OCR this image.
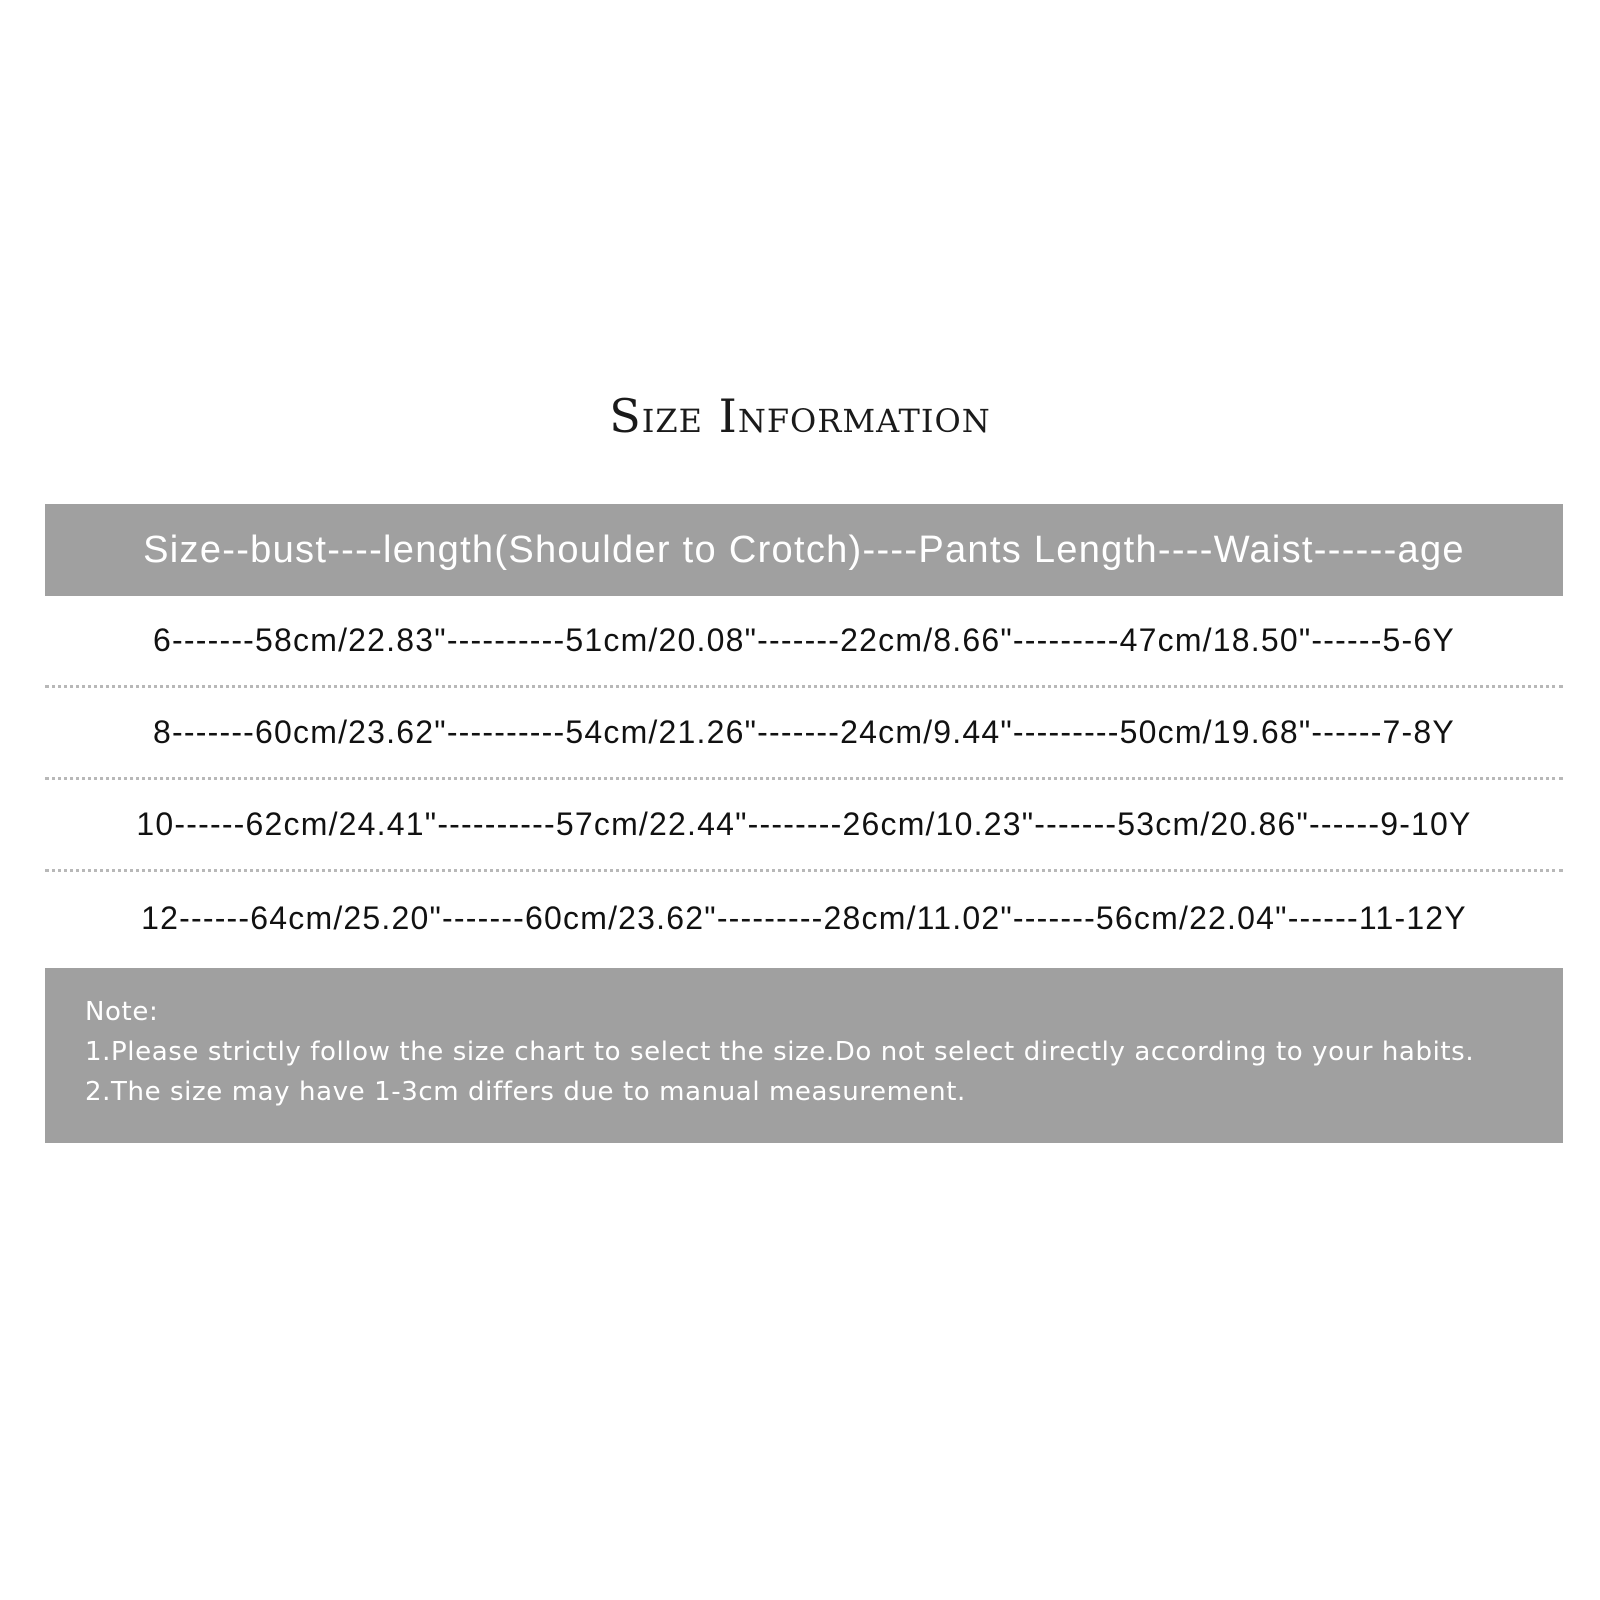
Size Information
Size--bust----length(Shoulder to Crotch)----Pants Length----Waist------age
6-------58cm/22.83"----------51cm/20.08"-------22cm/8.66"---------47cm/18.50"------5-6Y
8-------60cm/23.62"----------54cm/21.26"-------24cm/9.44"---------50cm/19.68"------7-8Y
10------62cm/24.41"----------57cm/22.44"--------26cm/10.23"-------53cm/20.86"------9-10Y
12------64cm/25.20"-------60cm/23.62"---------28cm/11.02"-------56cm/22.04"------11-12Y
Note:
1.Please strictly follow the size chart to select the size.Do not select directly according to your habits.
2.The size may have 1-3cm differs due to manual measurement.
